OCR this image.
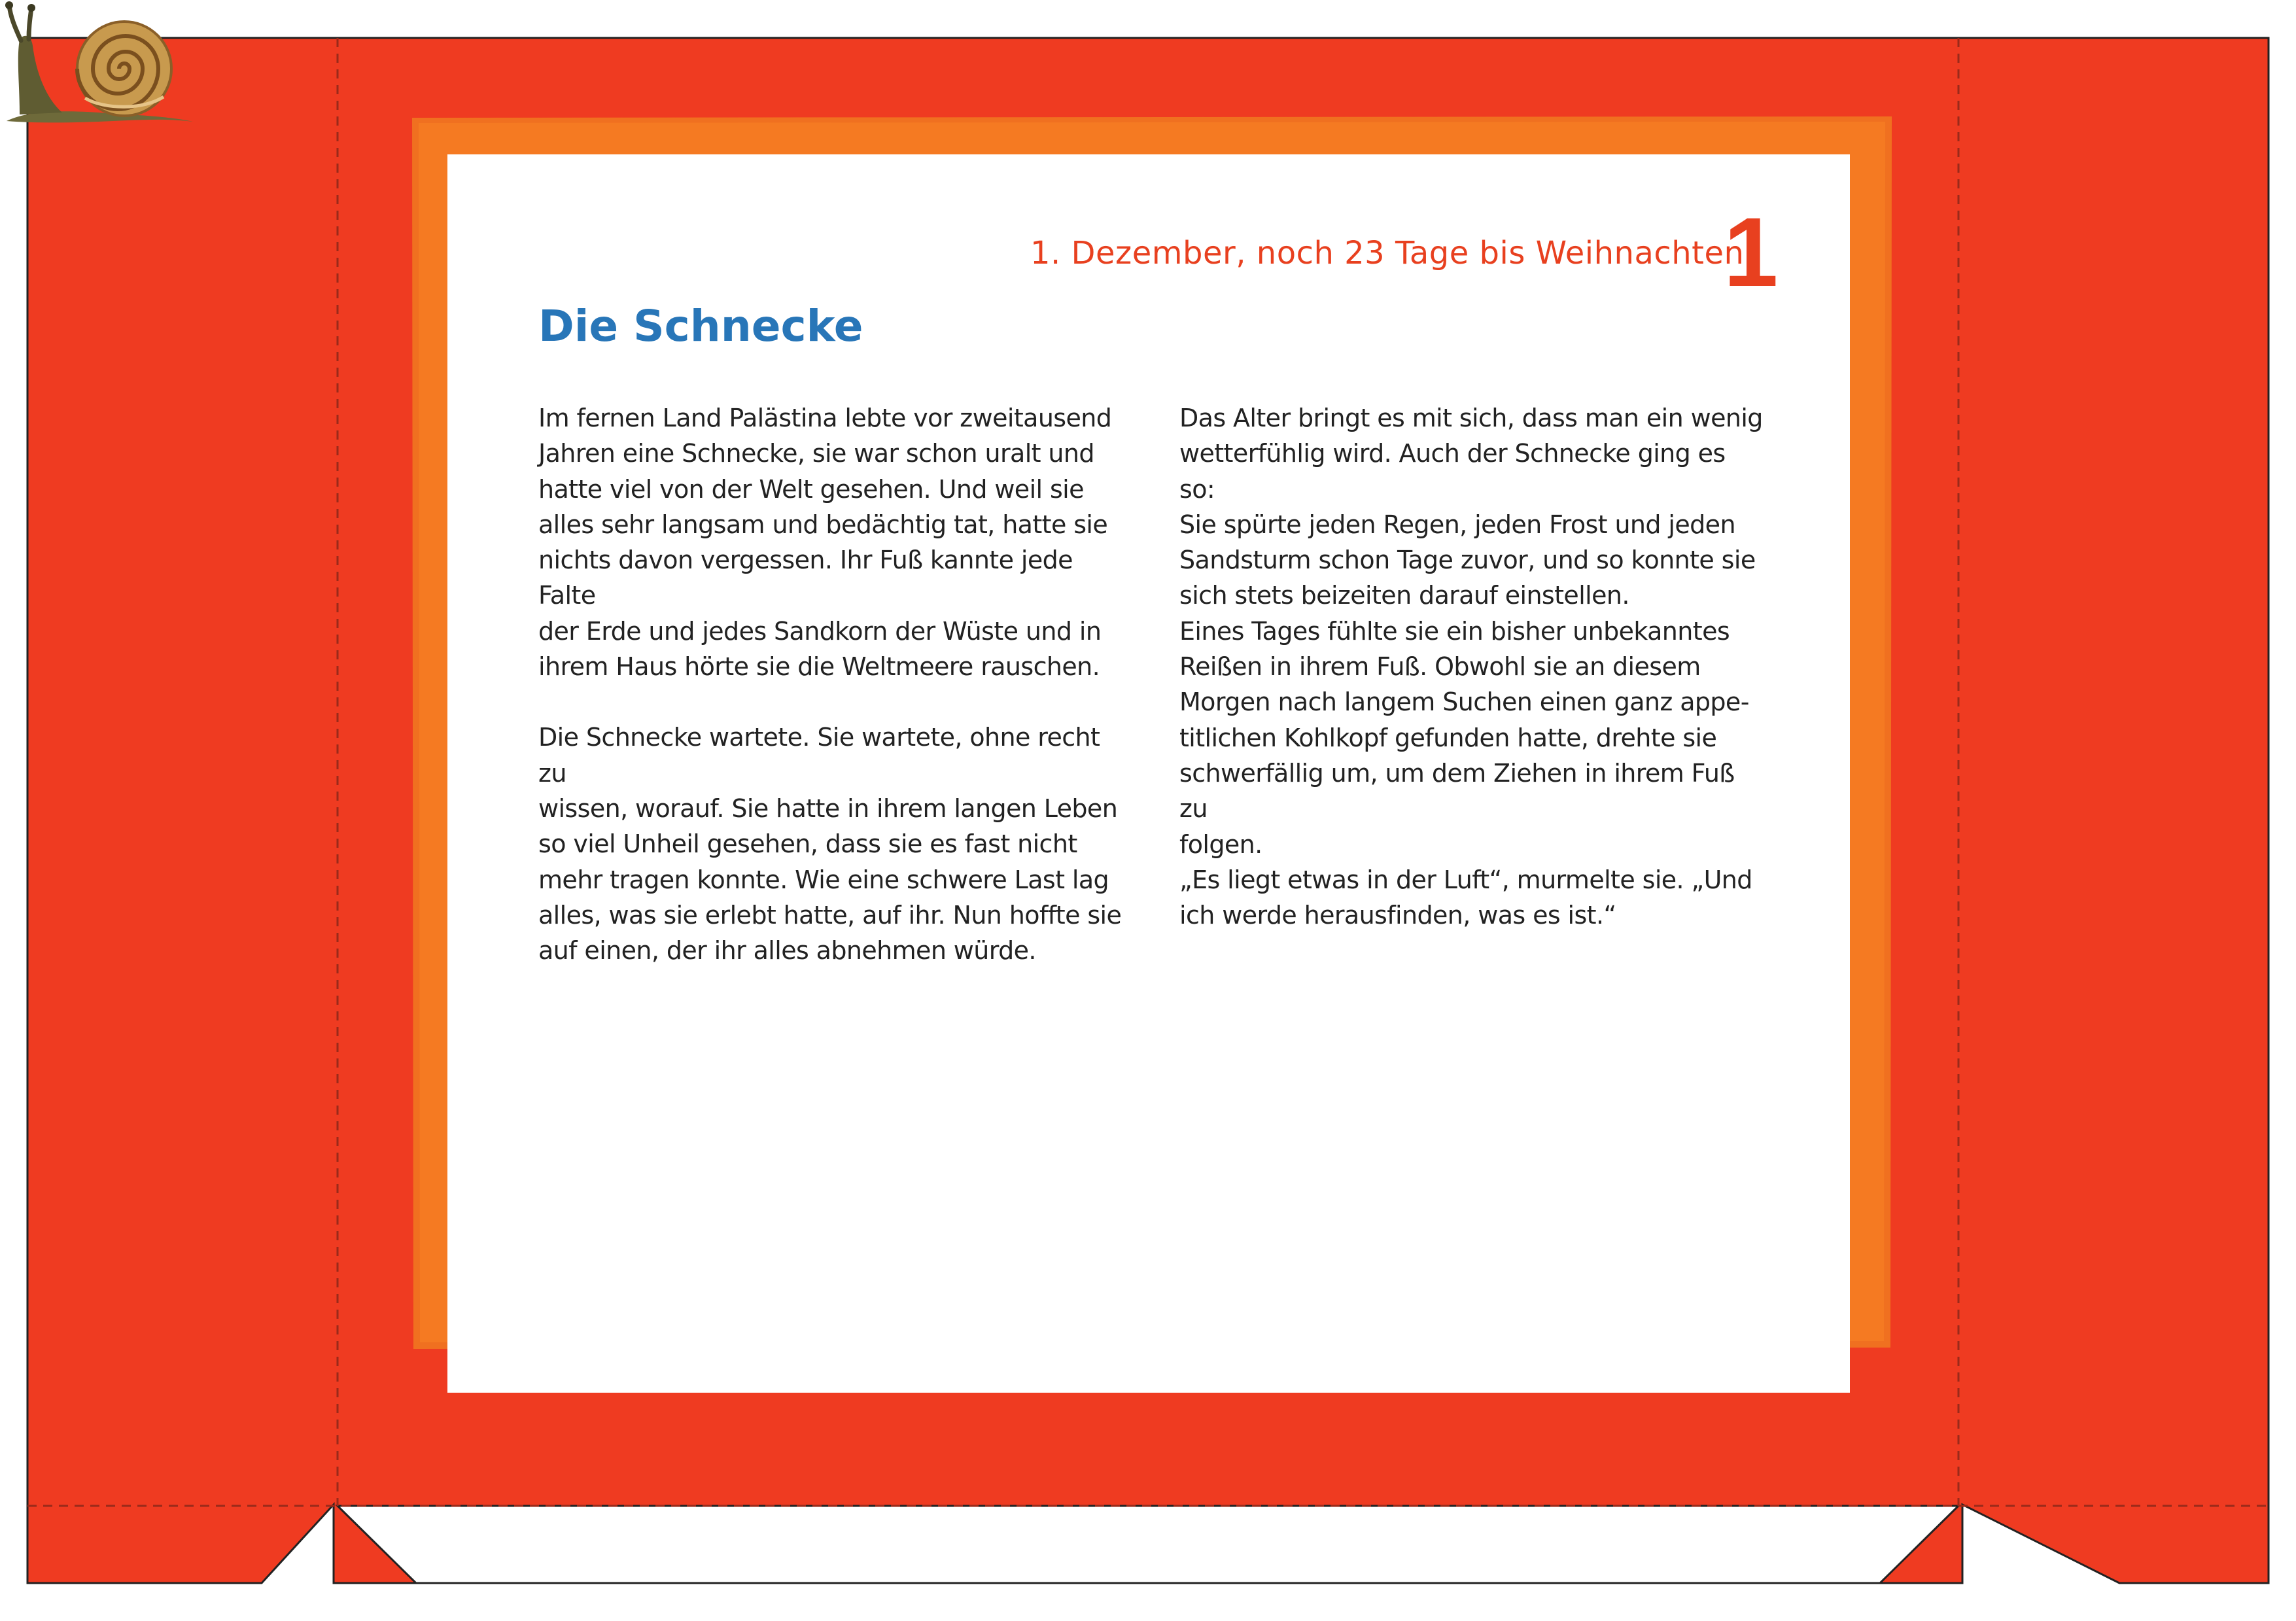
1. Dezember, noch 23 Tage bis Weihnachten
1
Die Schnecke

Im fernen Land Palästina lebte vor zweitausend
Jahren eine Schnecke, sie war schon uralt und
hatte viel von der Welt gesehen. Und weil sie
alles sehr langsam und bedächtig tat, hatte sie
nichts davon vergessen. Ihr Fuß kannte jede Falte
der Erde und jedes Sandkorn der Wüste und in
ihrem Haus hörte sie die Weltmeere rauschen.

Die Schnecke wartete. Sie wartete, ohne recht zu
wissen, worauf. Sie hatte in ihrem langen Leben
so viel Unheil gesehen, dass sie es fast nicht
mehr tragen konnte. Wie eine schwere Last lag
alles, was sie erlebt hatte, auf ihr. Nun hoffte sie
auf einen, der ihr alles abnehmen würde.

Das Alter bringt es mit sich, dass man ein wenig
wetterfühlig wird. Auch der Schnecke ging es so:
Sie spürte jeden Regen, jeden Frost und jeden
Sandsturm schon Tage zuvor, und so konnte sie
sich stets beizeiten darauf einstellen.
Eines Tages fühlte sie ein bisher unbekanntes
Reißen in ihrem Fuß. Obwohl sie an diesem
Morgen nach langem Suchen einen ganz appe-
titlichen Kohlkopf gefunden hatte, drehte sie
schwerfällig um, um dem Ziehen in ihrem Fuß zu
folgen.
„Es liegt etwas in der Luft“, murmelte sie. „Und
ich werde herausfinden, was es ist.“
